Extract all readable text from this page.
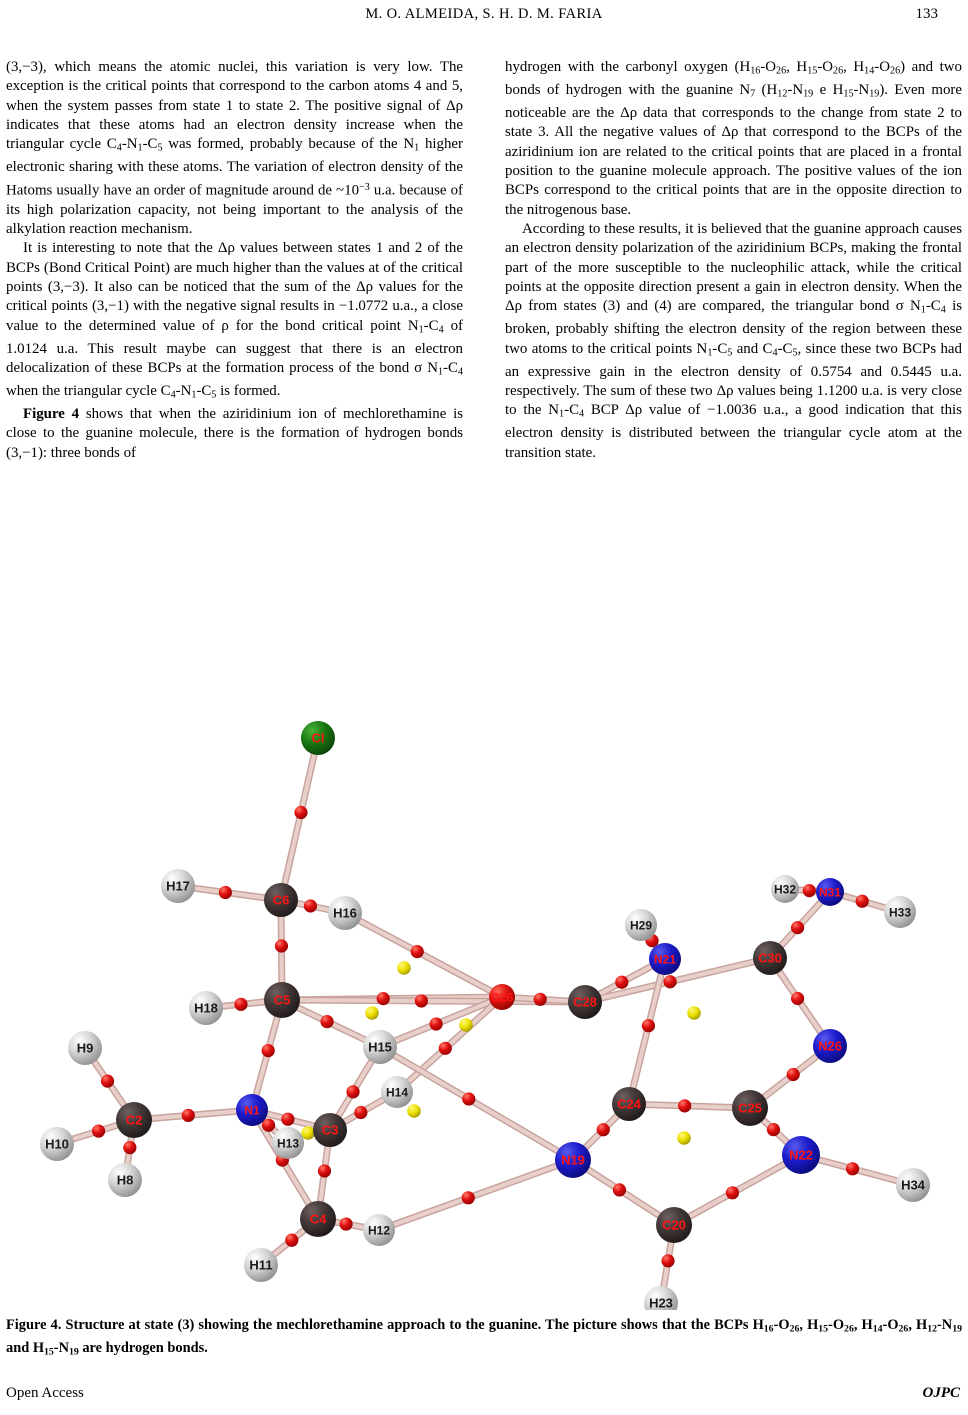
M. O. ALMEIDA, S. H. D. M. FARIA	133

(3,−3), which means the atomic nuclei, this variation is very low. The exception is the critical points that correspond to the carbon atoms 4 and 5, when the system passes from state 1 to state 2. The positive signal of Δρ indicates that these atoms had an electron density increase when the triangular cycle $C_4-N_1-C_5$ was formed, probably because of the $N_1$ higher electronic sharing with these atoms. The variation of electron density of the Hatoms usually have an order of magnitude around de $\sim 10^{-3}$ u.a. because of its high polarization capacity, not being important to the analysis of the alkylation reaction mechanism.

It is interesting to note that the Δρ values between states 1 and 2 of the BCPs (Bond Critical Point) are much higher than the values at of the critical points (3,−3). It also can be noticed that the sum of the Δρ values for the critical points (3,−1) with the negative signal results in −1.0772 u.a., a close value to the determined value of ρ for the bond critical point $N_1-C_4$ of 1.0124 u.a. This result maybe can suggest that there is an electron delocalization of these BCPs at the formation process of the bond σ $N_1-C_4$ when the triangular cycle $C_4-N_1-C_5$ is formed.

Figure 4 shows that when the aziridinium ion of mechlorethamine is close to the guanine molecule, there is the formation of hydrogen bonds (3,−1): three bonds of

hydrogen with the carbonyl oxygen ($H_{16}-O_{26}$, $H_{15}-O_{26}$, $H_{14}-O_{26}$) and two bonds of hydrogen with the guanine $N_7$ ($H_{12}-N_{19}$ e $H_{15}-N_{19}$). Even more noticeable are the Δρ data that corresponds to the change from state 2 to state 3. All the negative values of Δρ that correspond to the BCPs of the aziridinium ion are related to the critical points that are placed in a frontal position to the guanine molecule approach. The positive values of the ion BCPs correspond to the critical points that are in the opposite direction to the nitrogenous base.

According to these results, it is believed that the guanine approach causes an electron density polarization of the aziridinium BCPs, making the frontal part of the more susceptible to the nucleophilic attack, while the critical points at the opposite direction present a gain in electron density. When the Δρ from states (3) and (4) are compared, the triangular bond σ $N_1-C_4$ is broken, probably shifting the electron density of the region between these two atoms to the critical points $N_1-C_5$ and $C_4-C_5$, since these two BCPs had an expressive gain in the electron density of 0.5754 and 0.5445 u.a. respectively. The sum of these two Δρ values being 1.1200 u.a. is very close to the $N_1-C_4$ BCP Δρ value of −1.0036 u.a., a good indication that this electron density is distributed between the triangular cycle atom at the transition state.

Cl
H17
C6
H16
H18
C5
H15
H14
H9
C2
H10
H8
N1
H13
C3
C4
H12
H11
O26
H29
N21
C28
C30
H32 N31
H33
N26
C24	C25
N19	N22
H34
C20
H23
Figure 4. Structure at state (3) showing the mechlorethamine approach to the guanine. The picture shows that the BCPs $H_{16}-O_{26}$, $H_{15}-O_{26}$, $H_{14}-O_{26}$, $H_{12}-N_{19}$ and $H_{15}-N_{19}$ are hydrogen bonds.
Open Access	OJPC
